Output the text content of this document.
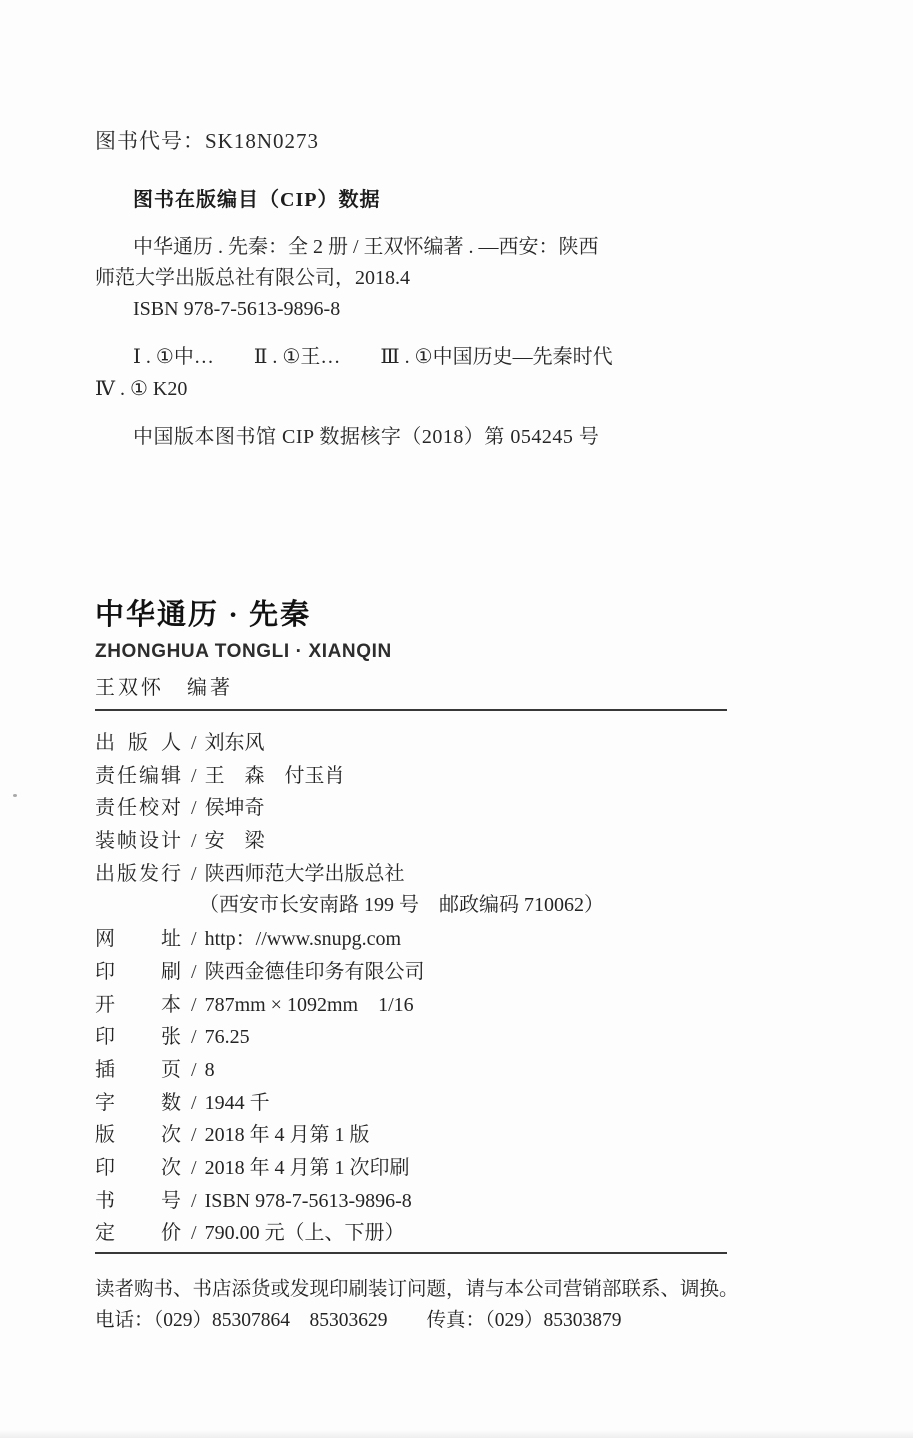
图书代号：SK18N0273
图书在版编目（CIP）数据
中华通历 . 先秦：全 2 册 / 王双怀编著 . —西安：陕西
师范大学出版总社有限公司，2018.4
ISBN 978-7-5613-9896-8
Ⅰ . ①中…　　Ⅱ . ①王…　　Ⅲ . ①中国历史—先秦时代
Ⅳ . ① K20
中国版本图书馆 CIP 数据核字（2018）第 054245 号
中华通历 · 先秦
ZHONGHUA TONGLI · XIANQIN
王双怀　编著
出 版 人 / 刘东风
责任编辑 / 王　森　付玉肖
责任校对 / 侯坤奇
装帧设计 / 安　梁
出版发行 / 陕西师范大学出版总社
（西安市长安南路 199 号　邮政编码 710062）
网　址 / http：//www.snupg.com
印　刷 / 陕西金德佳印务有限公司
开　本 / 787mm × 1092mm　1/16
印　张 / 76.25
插　页 / 8
字　数 / 1944 千
版　次 / 2018 年 4 月第 1 版
印　次 / 2018 年 4 月第 1 次印刷
书　号 / ISBN 978-7-5613-9896-8
定　价 / 790.00 元（上、下册）
读者购书、书店添货或发现印刷装订问题，请与本公司营销部联系、调换。
电话：（029）85307864　85303629　　传真：（029）85303879
